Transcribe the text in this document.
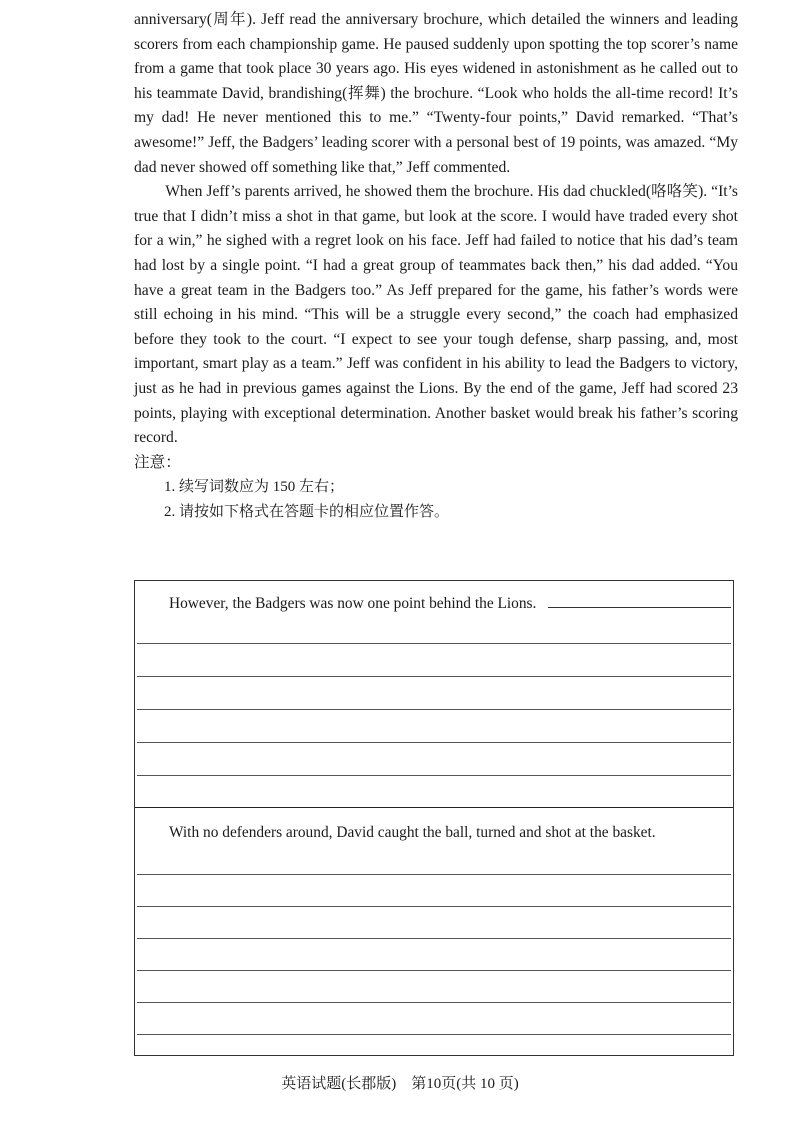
anniversary(周年). Jeff read the anniversary brochure, which detailed the winners and leading scorers from each championship game. He paused suddenly upon spotting the top scorer’s name from a game that took place 30 years ago. His eyes widened in astonishment as he called out to his teammate David, brandishing(挥舞) the brochure. “Look who holds the all-time record! It’s my dad! He never mentioned this to me.” “Twenty-four points,” David remarked. “That’s awesome!” Jeff, the Badgers’ leading scorer with a personal best of 19 points, was amazed. “My dad never showed off something like that,” Jeff commented.

When Jeff’s parents arrived, he showed them the brochure. His dad chuckled(咯咯笑). “It’s true that I didn’t miss a shot in that game, but look at the score. I would have traded every shot for a win,” he sighed with a regret look on his face. Jeff had failed to notice that his dad’s team had lost by a single point. “I had a great group of teammates back then,” his dad added. “You have a great team in the Badgers too.” As Jeff prepared for the game, his father’s words were still echoing in his mind. “This will be a struggle every second,” the coach had emphasized before they took to the court. “I expect to see your tough defense, sharp passing, and, most important, smart play as a team.” Jeff was confident in his ability to lead the Badgers to victory, just as he had in previous games against the Lions. By the end of the game, Jeff had scored 23 points, playing with exceptional determination. Another basket would break his father’s scoring record.

注意：

1. 续写词数应为 150 左右；

2. 请按如下格式在答题卡的相应位置作答。

However, the Badgers was now one point behind the Lions.
With no defenders around, David caught the ball, turned and shot at the basket.
英语试题(长郡版)　第10页(共 10 页)
